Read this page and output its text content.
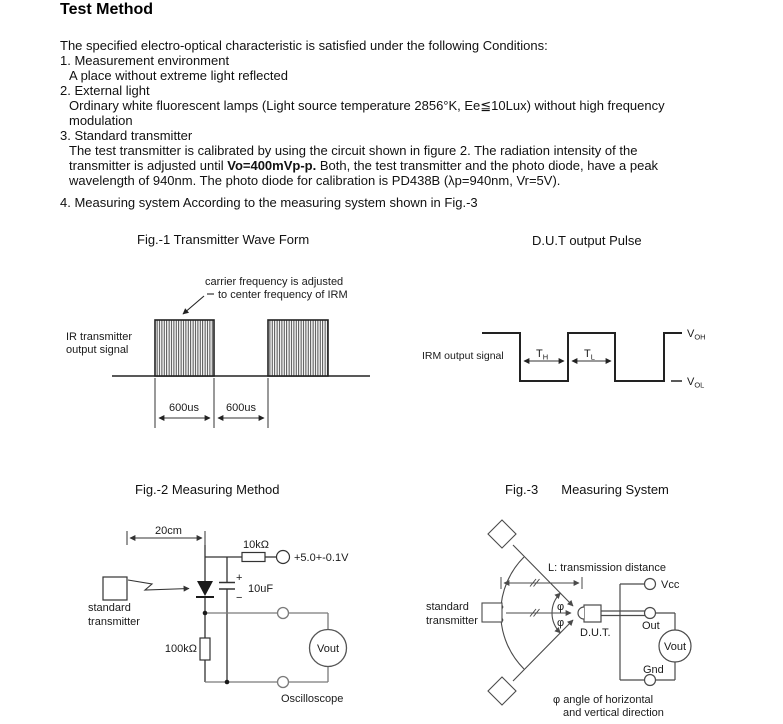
Test Method
The specified electro-optical characteristic is satisfied under the following Conditions:
1. Measurement environment
A place without extreme light reflected
2. External light
Ordinary white fluorescent lamps (Light source temperature 2856°K, Ee≦10Lux) without high frequency
modulation
3. Standard transmitter
The test transmitter is calibrated by using the circuit shown in figure 2. The radiation intensity of the
transmitter is adjusted until Vo=400mVp-p. Both, the test transmitter and the photo diode, have a peak
wavelength of 940nm. The photo diode for calibration is PD438B (λp=940nm, Vr=5V).
4. Measuring system According to the measuring system shown in Fig.-3
Fig.-1 Transmitter Wave Form	D.U.T output Pulse
Fig.-2 Measuring Method	Fig.-3 Measuring System
carrier frequency is adjusted
to center frequency of IRM
IR transmitter
output signal
600us 600us
IRM output signal	$T_H$	$T_L$
$V_{OH}$
$V_{OL}$
20cm
10kΩ
+5.0+-0.1V
+
10uF
−
standard
transmitter
100kΩ	Vout
Oscilloscope
L: transmission distance
standard
transmitter
φ
φ
D.U.T.
Vcc
Out
Gnd
Vout
φ angle of horizontal
and vertical direction
